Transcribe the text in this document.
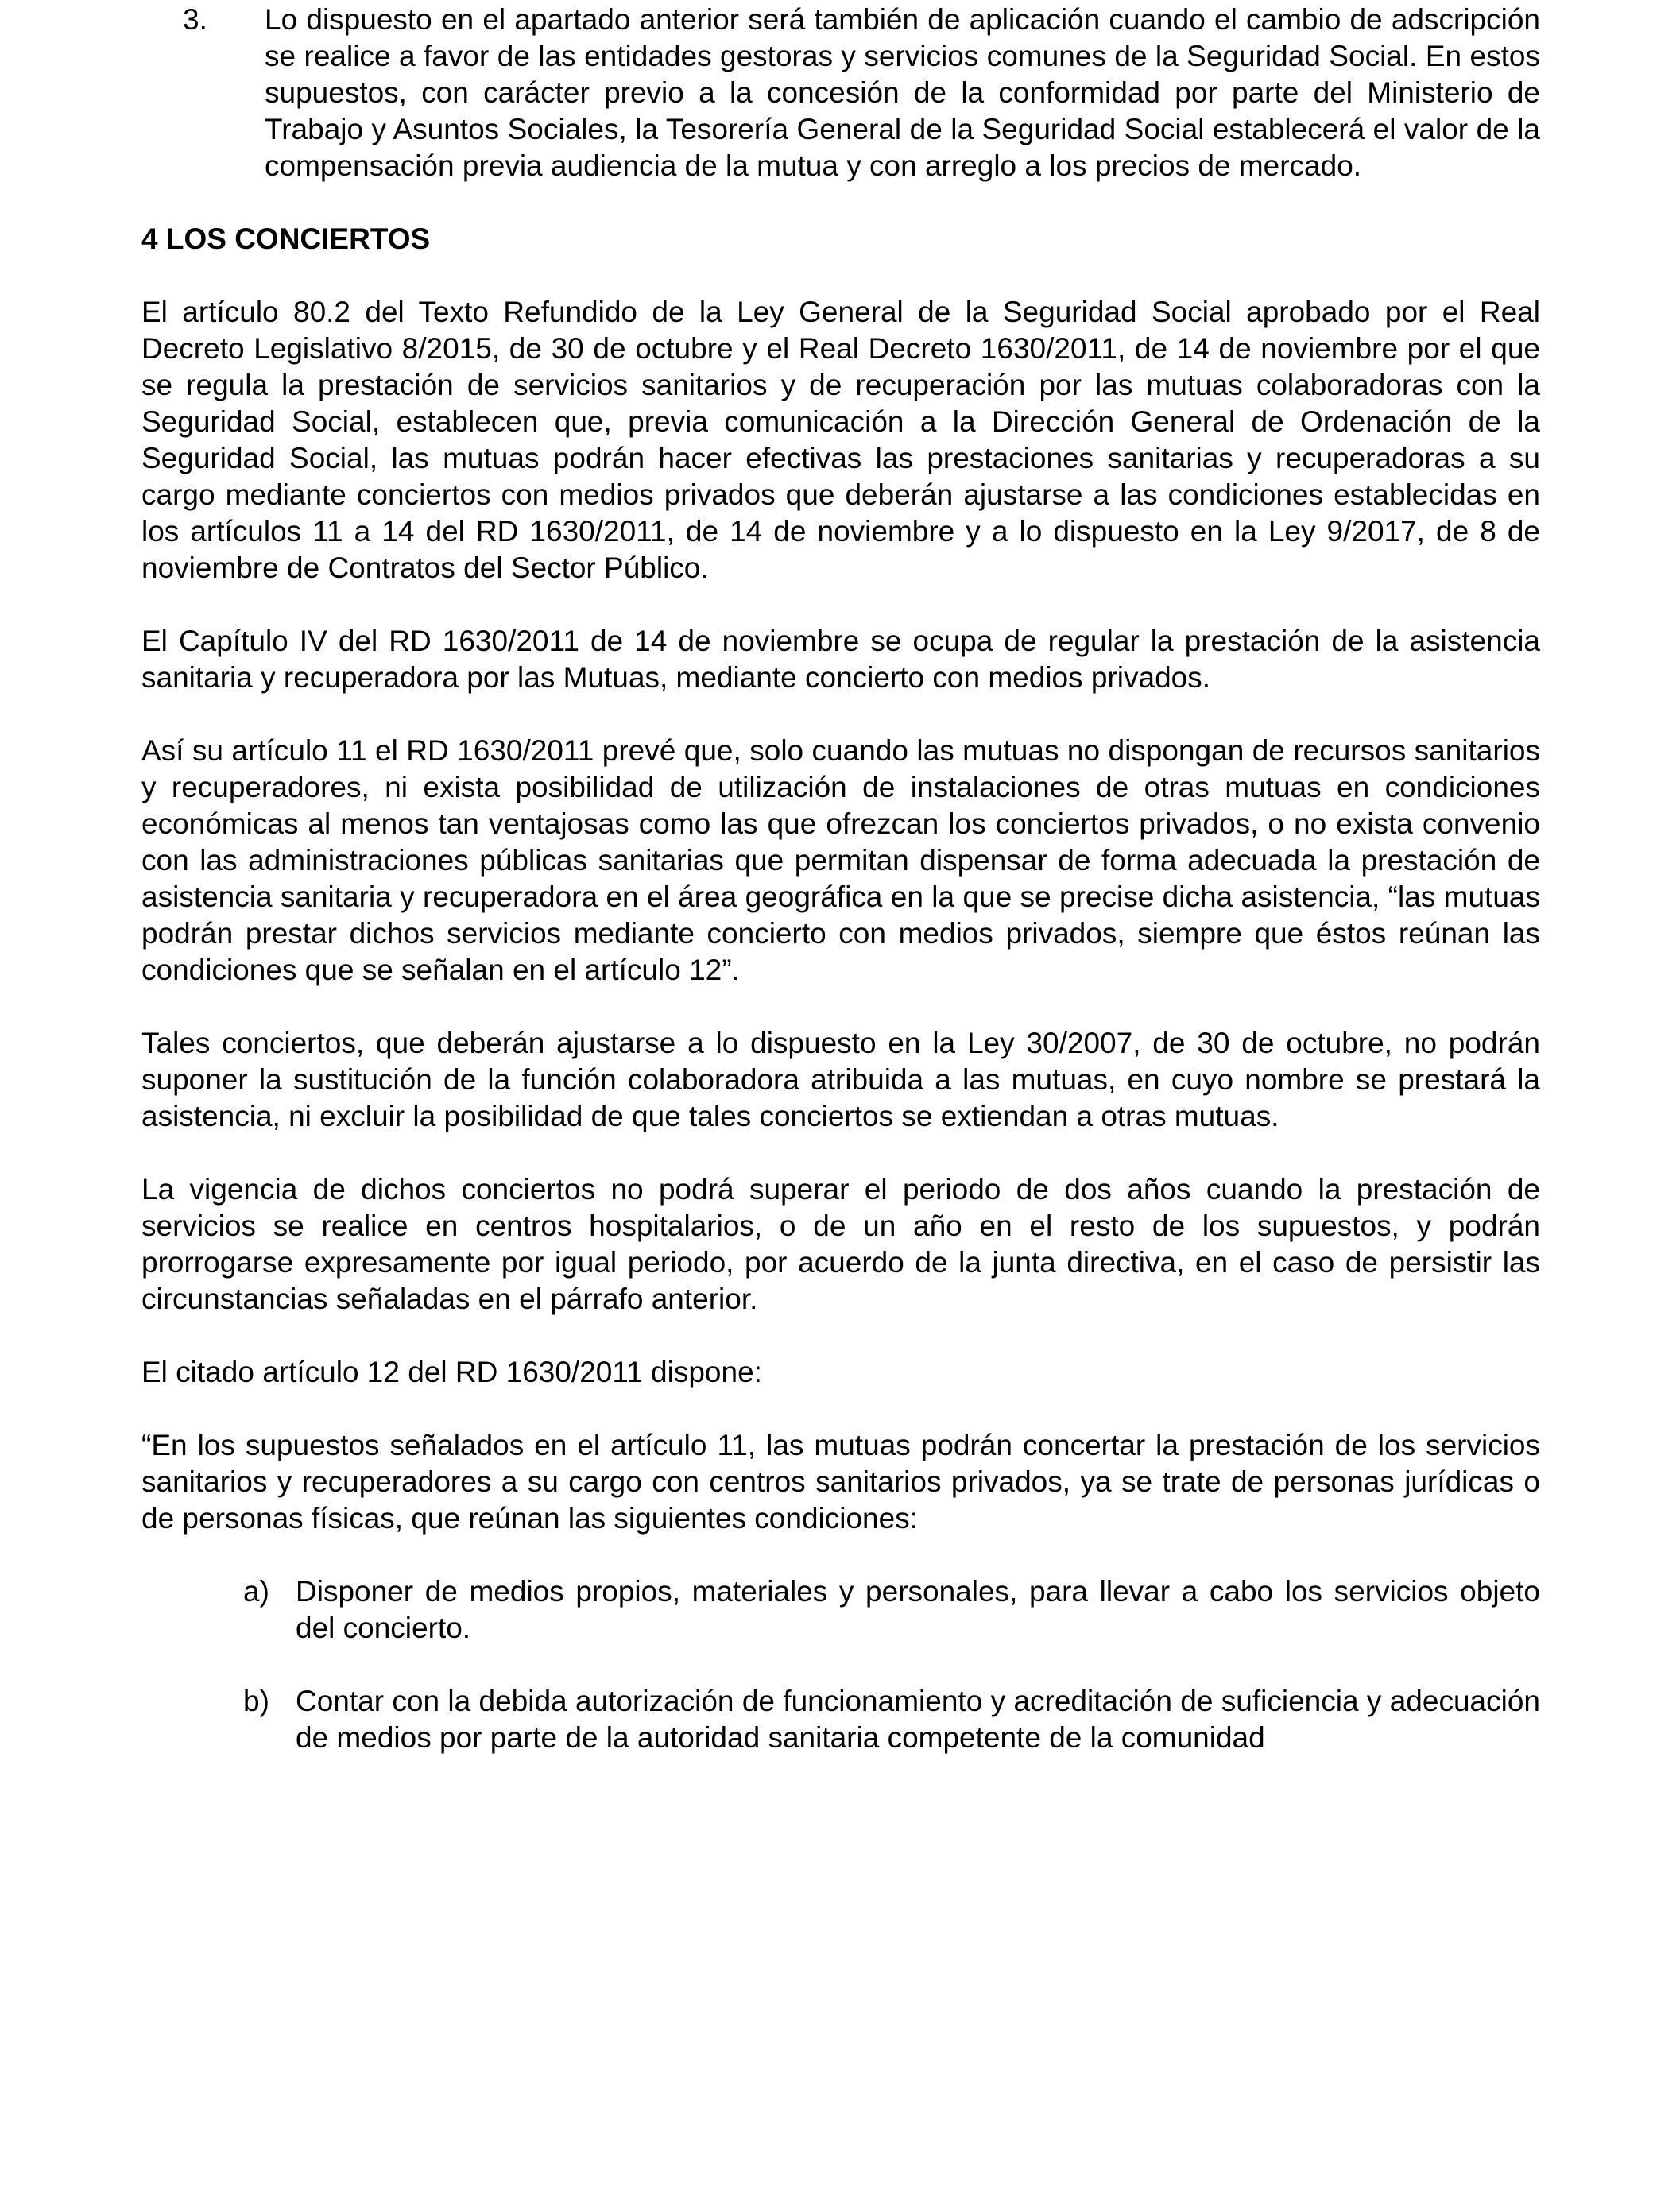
3. Lo dispuesto en el apartado anterior será también de aplicación cuando el cambio de adscripción se realice a favor de las entidades gestoras y servicios comunes de la Seguridad Social. En estos supuestos, con carácter previo a la concesión de la conformidad por parte del Ministerio de Trabajo y Asuntos Sociales, la Tesorería General de la Seguridad Social establecerá el valor de la compensación previa audiencia de la mutua y con arreglo a los precios de mercado.
4 LOS CONCIERTOS

El artículo 80.2 del Texto Refundido de la Ley General de la Seguridad Social aprobado por el Real Decreto Legislativo 8/2015, de 30 de octubre y el Real Decreto 1630/2011, de 14 de noviembre por el que se regula la prestación de servicios sanitarios y de recuperación por las mutuas colaboradoras con la Seguridad Social, establecen que, previa comunicación a la Dirección General de Ordenación de la Seguridad Social, las mutuas podrán hacer efectivas las prestaciones sanitarias y recuperadoras a su cargo mediante conciertos con medios privados que deberán ajustarse a las condiciones establecidas en los artículos 11 a 14 del RD 1630/2011, de 14 de noviembre y a lo dispuesto en la Ley 9/2017, de 8 de noviembre de Contratos del Sector Público.

El Capítulo IV del RD 1630/2011 de 14 de noviembre se ocupa de regular la prestación de la asistencia sanitaria y recuperadora por las Mutuas, mediante concierto con medios privados.

Así su artículo 11 el RD 1630/2011 prevé que, solo cuando las mutuas no dispongan de recursos sanitarios y recuperadores, ni exista posibilidad de utilización de instalaciones de otras mutuas en condiciones económicas al menos tan ventajosas como las que ofrezcan los conciertos privados, o no exista convenio con las administraciones públicas sanitarias que permitan dispensar de forma adecuada la prestación de asistencia sanitaria y recuperadora en el área geográfica en la que se precise dicha asistencia, “las mutuas podrán prestar dichos servicios mediante concierto con medios privados, siempre que éstos reúnan las condiciones que se señalan en el artículo 12”.

Tales conciertos, que deberán ajustarse a lo dispuesto en la Ley 30/2007, de 30 de octubre, no podrán suponer la sustitución de la función colaboradora atribuida a las mutuas, en cuyo nombre se prestará la asistencia, ni excluir la posibilidad de que tales conciertos se extiendan a otras mutuas.

La vigencia de dichos conciertos no podrá superar el periodo de dos años cuando la prestación de servicios se realice en centros hospitalarios, o de un año en el resto de los supuestos, y podrán prorrogarse expresamente por igual periodo, por acuerdo de la junta directiva, en el caso de persistir las circunstancias señaladas en el párrafo anterior.

El citado artículo 12 del RD 1630/2011 dispone:

“En los supuestos señalados en el artículo 11, las mutuas podrán concertar la prestación de los servicios sanitarios y recuperadores a su cargo con centros sanitarios privados, ya se trate de personas jurídicas o de personas físicas, que reúnan las siguientes condiciones:

a) Disponer de medios propios, materiales y personales, para llevar a cabo los servicios objeto del concierto.
b) Contar con la debida autorización de funcionamiento y acreditación de suficiencia y adecuación de medios por parte de la autoridad sanitaria competente de la comunidad
